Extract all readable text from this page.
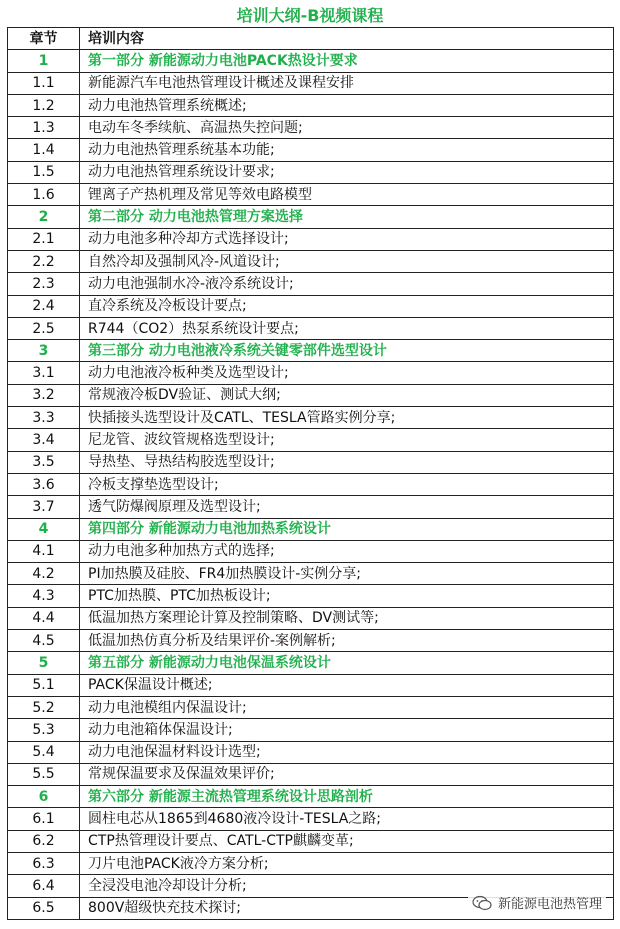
培训大纲-B视频课程
章节	培训内容
1	第一部分 新能源动力电池PACK热设计要求
1.1	新能源汽车电池热管理设计概述及课程安排
1.2	动力电池热管理系统概述;
1.3	电动车冬季续航、高温热失控问题;
1.4	动力电池热管理系统基本功能;
1.5	动力电池热管理系统设计要求;
1.6	锂离子产热机理及常见等效电路模型
2	第二部分 动力电池热管理方案选择
2.1	动力电池多种冷却方式选择设计;
2.2	自然冷却及强制风冷-风道设计;
2.3	动力电池强制水冷-液冷系统设计;
2.4	直冷系统及冷板设计要点;
2.5	R744（CO2）热泵系统设计要点;
3	第三部分 动力电池液冷系统关键零部件选型设计
3.1	动力电池液冷板种类及选型设计;
3.2	常规液冷板DV验证、测试大纲;
3.3	快插接头选型设计及CATL、TESLA管路实例分享;
3.4	尼龙管、波纹管规格选型设计;
3.5	导热垫、导热结构胶选型设计;
3.6	冷板支撑垫选型设计;
3.7	透气防爆阀原理及选型设计;
4	第四部分 新能源动力电池加热系统设计
4.1	动力电池多种加热方式的选择;
4.2	PI加热膜及硅胶、FR4加热膜设计-实例分享;
4.3	PTC加热膜、PTC加热板设计;
4.4	低温加热方案理论计算及控制策略、DV测试等;
4.5	低温加热仿真分析及结果评价-案例解析;
5	第五部分 新能源动力电池保温系统设计
5.1	PACK保温设计概述;
5.2	动力电池模组内保温设计;
5.3	动力电池箱体保温设计;
5.4	动力电池保温材料设计选型;
5.5	常规保温要求及保温效果评价;
6	第六部分 新能源主流热管理系统设计思路剖析
6.1	圆柱电芯从1865到4680液冷设计-TESLA之路;
6.2	CTP热管理设计要点、CATL-CTP麒麟变革;
6.3	刀片电池PACK液冷方案分析;
6.4	全浸没电池冷却设计分析;
6.5	800V超级快充技术探讨;	新能源电池热管理
